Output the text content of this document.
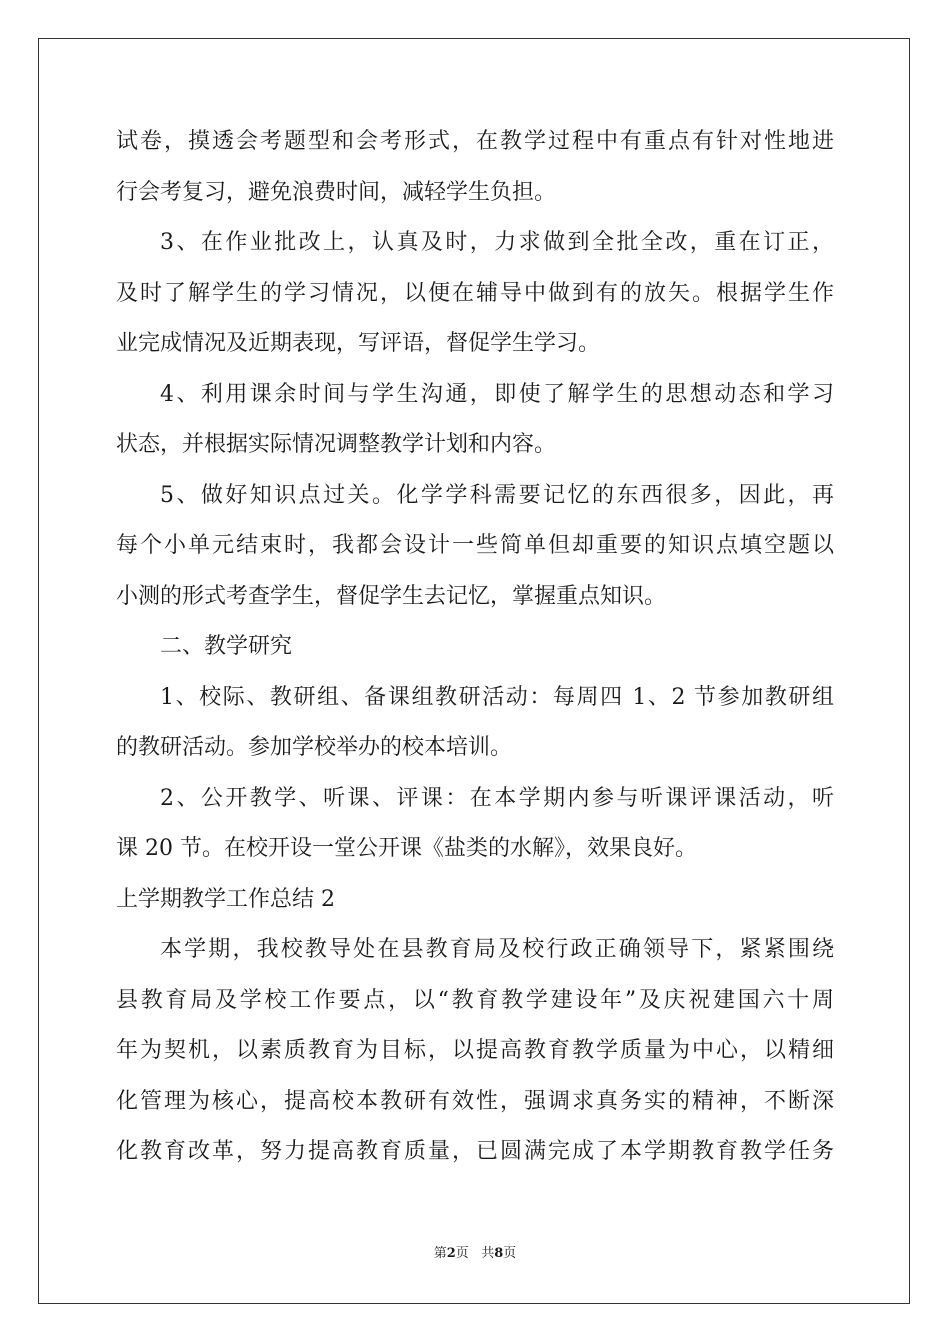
试卷，摸透会考题型和会考形式，在教学过程中有重点有针对性地进
行会考复习，避免浪费时间，减轻学生负担。
3、在作业批改上，认真及时，力求做到全批全改，重在订正，
及时了解学生的学习情况，以便在辅导中做到有的放矢。根据学生作
业完成情况及近期表现，写评语，督促学生学习。
4、利用课余时间与学生沟通，即使了解学生的思想动态和学习
状态，并根据实际情况调整教学计划和内容。
5、做好知识点过关。化学学科需要记忆的东西很多，因此，再
每个小单元结束时，我都会设计一些简单但却重要的知识点填空题以
小测的形式考查学生，督促学生去记忆，掌握重点知识。
二、教学研究
1、校际、教研组、备课组教研活动：每周四 1、2 节参加教研组
的教研活动。参加学校举办的校本培训。
2、公开教学、听课、评课：在本学期内参与听课评课活动，听
课 20 节。在校开设一堂公开课《盐类的水解》，效果良好。
上学期教学工作总结 2
本学期，我校教导处在县教育局及校行政正确领导下，紧紧围绕
县教育局及学校工作要点，以“教育教学建设年”及庆祝建国六十周
年为契机，以素质教育为目标，以提高教育教学质量为中心，以精细
化管理为核心，提高校本教研有效性，强调求真务实的精神，不断深
化教育改革，努力提高教育质量，已圆满完成了本学期教育教学任务
第2页 共8页
